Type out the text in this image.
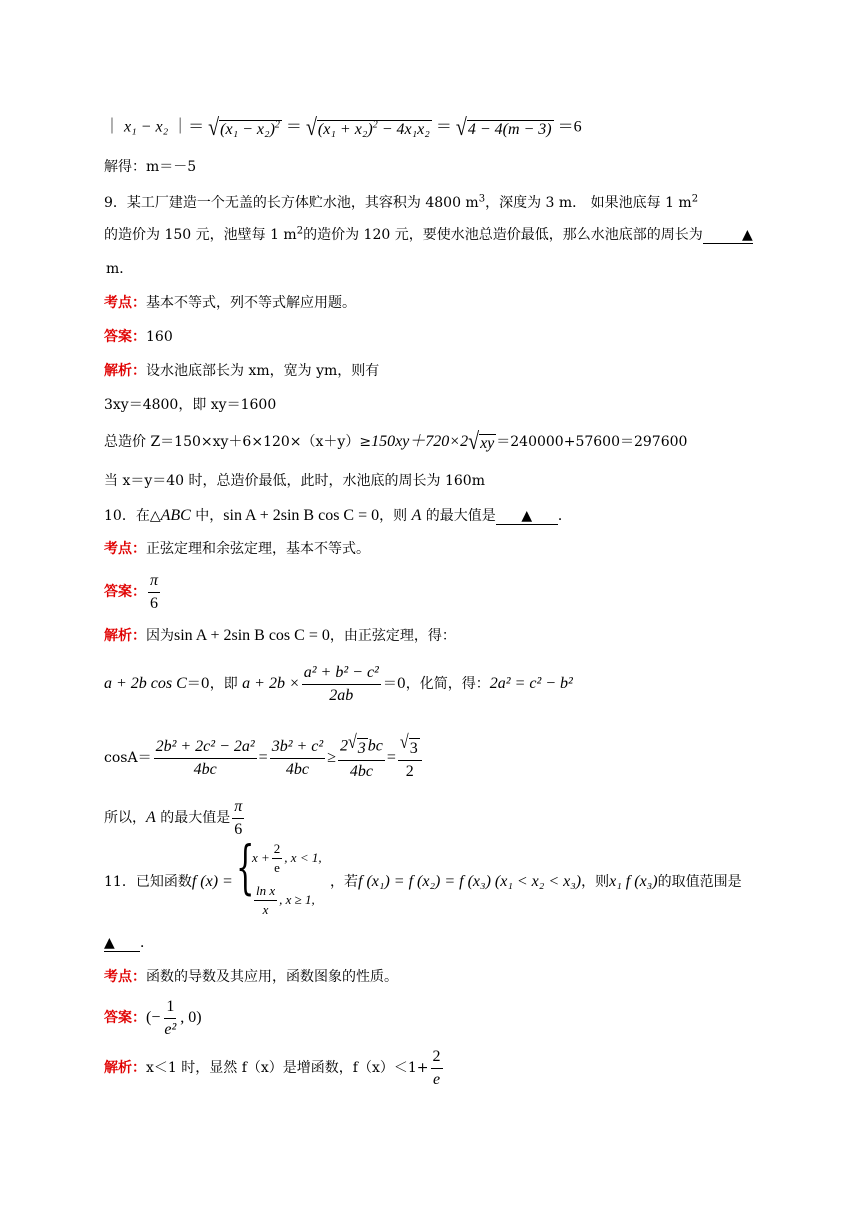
｜ x₁ − x₂ ｜＝ √ $(x_1 - x_2)^2$ ＝ √ $(x_1 + x_2)^2 - 4x_1x_2$ ＝ √ 4 − 4(m − 3) ＝6
解得：m＝－5
9．某工厂建造一个无盖的长方体贮水池，其容积为 4800 $m^3$，深度为 3 m． 如果池底每 1 $m^2$
的造价为 150 元，池壁每 1 $m^2$的造价为 120 元，要使水池总造价最低，那么水池底部的周长为	▲
m．
考点：基本不等式，列不等式解应用题。
答案：160
解析：设水池底部长为 xm，宽为 ym，则有
3xy＝4800，即 xy＝1600
总造价 Z＝150×xy＋6×120×（x＋y）≥150xy＋720×2 √ xy ＝240000+57600＝297600
当 x＝y＝40 时，总造价最低，此时，水池底的周长为 160m
10．在△ABC 中，sin A + 2sin B cos C = 0，则 A 的最大值是 ▲ ．
考点：正弦定理和余弦定理，基本不等式。
答案： $\frac{\pi}{6}$
解析：因为sin A + 2sin B cos C = 0，由正弦定理，得：
a + 2b cos C＝0，即 $a + 2b \times \frac{\text{a² + b² − c²}}{2ab} =0$，化简，得：2a² = c² − b²
$\cos A= \frac{\text{2b² + 2c² − 2a²}}{4bc} = \frac{\text{3b² + c²}}{4bc} \ge \frac{2 √ 3 bc}{4bc} = \frac{√ 3}{2}$
所以，A 的最大值是 $\frac{\pi}{6}$
11．已知函数f (x) = {
$x + \frac{2}{e}$ , x < 1,
$\frac{\text{ln x}}{x}$ , x ≥ 1,
，若f (x₁) = f (x₂) = f (x₃) (x₁ < x₂ < x₃)，则x₁ f (x₃)的取值范围是
▲ ．
考点：函数的导数及其应用，函数图象的性质。
答案：(− $\frac{1}{\text{e²}}$ , 0)
解析：x＜1 时，显然 f（x）是增函数，$f(x)<1+ \frac{2}{e}$
